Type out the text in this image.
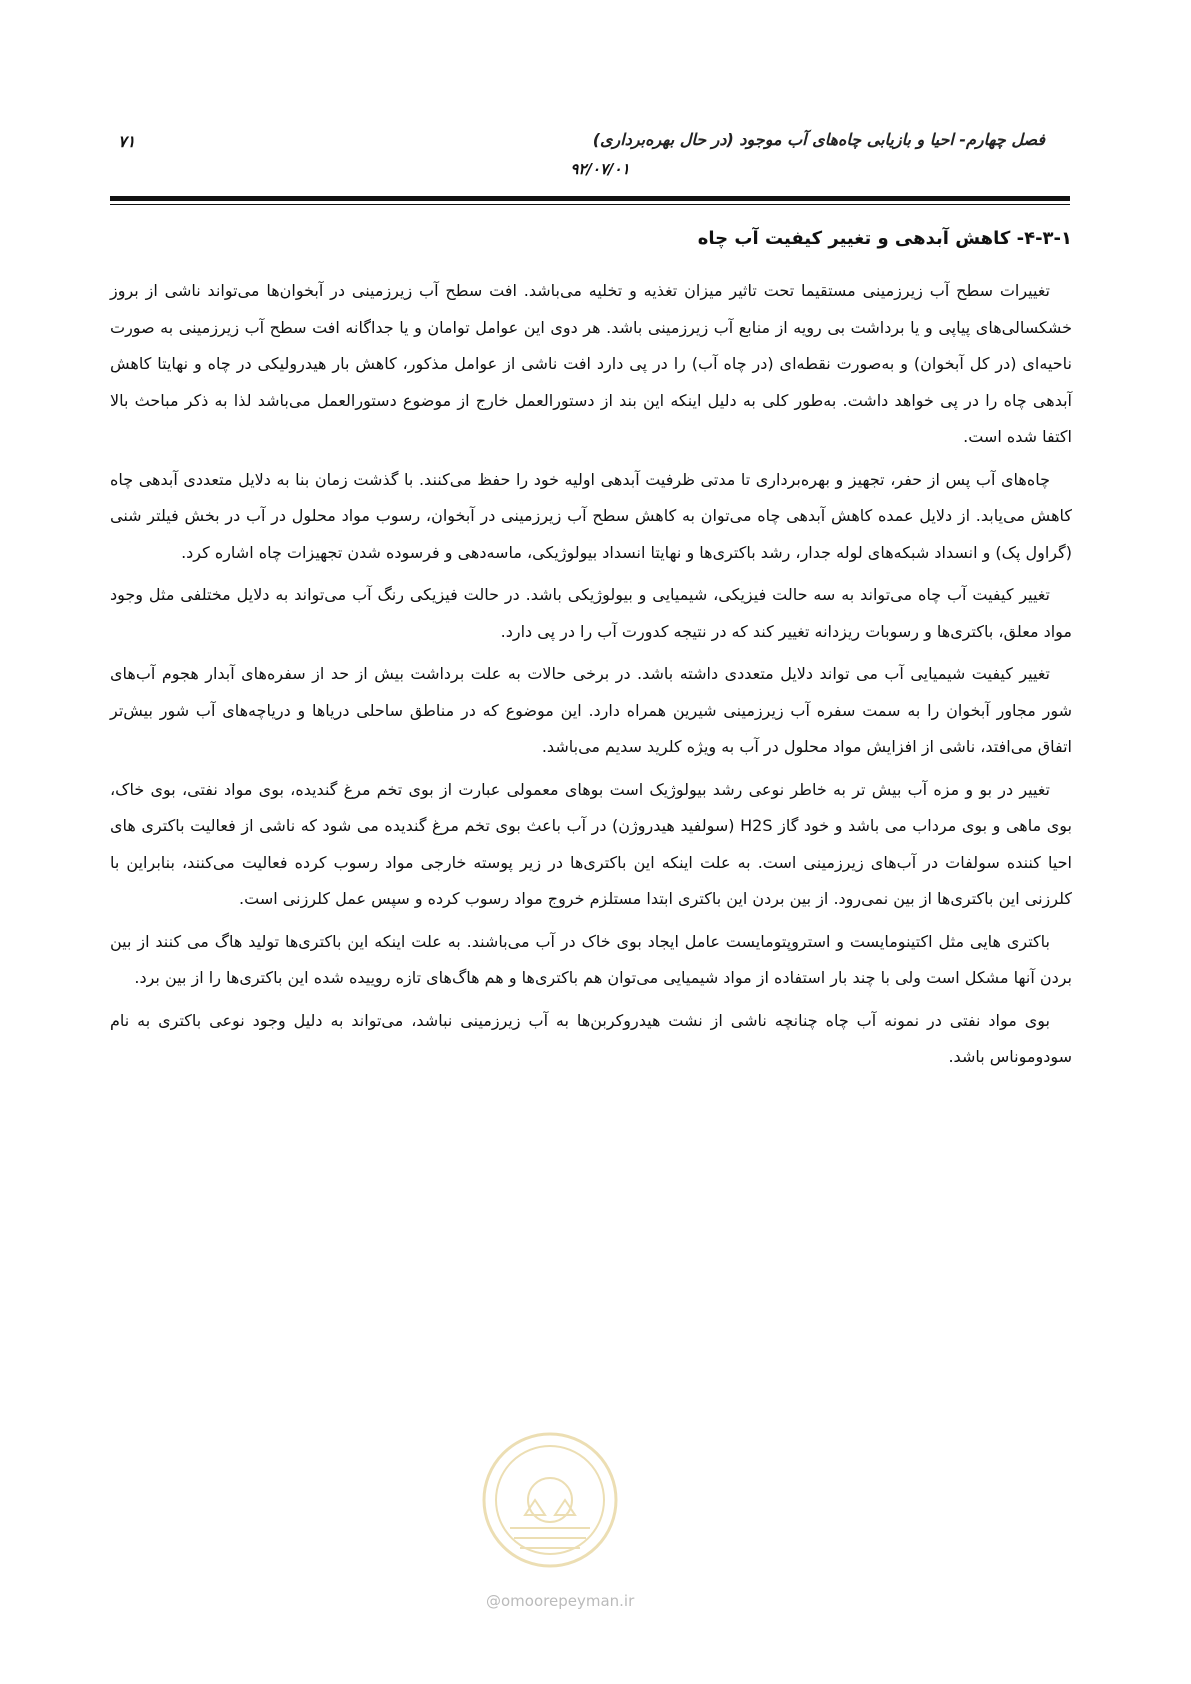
۷۱	فصل چهارم- احیا و بازیابی چاه‌های آب موجود (در حال بهره‌برداری)
۹۲/۰۷/۰۱
۴-۳-۱- کاهش آبدهی و تغییر کیفیت آب چاه

تغییرات سطح آب زیرزمینی مستقیما تحت تاثیر میزان تغذیه و تخلیه می‌باشد. افت سطح آب زیرزمینی در آبخوان‌ها می‌تواند ناشی از بروز خشکسالی‌های پیاپی و یا برداشت بی رویه از منابع آب زیرزمینی باشد. هر دوی این عوامل توامان و یا جداگانه افت سطح آب زیرزمینی به صورت ناحیه‌ای (در کل آبخوان) و به‌صورت نقطه‌ای (در چاه آب) را در پی دارد افت ناشی از عوامل مذکور، کاهش بار هیدرولیکی در چاه و نهایتا کاهش آبدهی چاه را در پی خواهد داشت. به‌طور کلی به دلیل اینکه این بند از دستورالعمل خارج از موضوع دستورالعمل می‌باشد لذا به ذکر مباحث بالا اکتفا شده است.

چاه‌های آب پس از حفر، تجهیز و بهره‌برداری تا مدتی ظرفیت آبدهی اولیه خود را حفظ می‌کنند. با گذشت زمان بنا به دلایل متعددی آبدهی چاه کاهش می‌یابد. از دلایل عمده کاهش آبدهی چاه می‌توان به کاهش سطح آب زیرزمینی در آبخوان، رسوب مواد محلول در آب در بخش فیلتر شنی (گراول پک) و انسداد شبکه‌های لوله جدار، رشد باکتری‌ها و نهایتا انسداد بیولوژیکی، ماسه‌دهی و فرسوده شدن تجهیزات چاه اشاره کرد.

تغییر کیفیت آب چاه می‌تواند به سه حالت فیزیکی، شیمیایی و بیولوژیکی باشد. در حالت فیزیکی رنگ آب می‌تواند به دلایل مختلفی مثل وجود مواد معلق، باکتری‌ها و رسوبات ریزدانه تغییر کند که در نتیجه کدورت آب را در پی دارد.

تغییر کیفیت شیمیایی آب می تواند دلایل متعددی داشته باشد. در برخی حالات به علت برداشت بیش از حد از سفره‌های آبدار هجوم آب‌های شور مجاور آبخوان را به سمت سفره آب زیرزمینی شیرین همراه دارد. این موضوع که در مناطق ساحلی دریاها و دریاچه‌های آب شور بیش‌تر اتفاق می‌افتد، ناشی از افزایش مواد محلول در آب به ویژه کلرید سدیم می‌باشد.

تغییر در بو و مزه آب بیش تر به خاطر نوعی رشد بیولوژیک است بوهای معمولی عبارت از بوی تخم مرغ گندیده، بوی مواد نفتی، بوی خاک، بوی ماهی و بوی مرداب می باشد و خود گاز H2S (سولفید هیدروژن) در آب باعث بوی تخم مرغ گندیده می شود که ناشی از فعالیت باکتری های احیا کننده سولفات در آب‌های زیرزمینی است. به علت اینکه این باکتری‌ها در زیر پوسته خارجی مواد رسوب کرده فعالیت می‌کنند، بنابراین با کلرزنی این باکتری‌ها از بین نمی‌رود. از بین بردن این باکتری ابتدا مستلزم خروج مواد رسوب کرده و سپس عمل کلرزنی است.

باکتری هایی مثل اکتینومایست و استروپتومایست عامل ایجاد بوی خاک در آب می‌باشند. به علت اینکه این باکتری‌ها تولید هاگ می کنند از بین بردن آنها مشکل است ولی با چند بار استفاده از مواد شیمیایی می‌توان هم باکتری‌ها و هم هاگ‌های تازه روییده شده این باکتری‌ها را از بین برد.

بوی مواد نفتی در نمونه آب چاه چنانچه ناشی از نشت هیدروکربن‌ها به آب زیرزمینی نباشد، می‌تواند به دلیل وجود نوعی باکتری به نام سودوموناس باشد.

@omoorepeyman.ir
